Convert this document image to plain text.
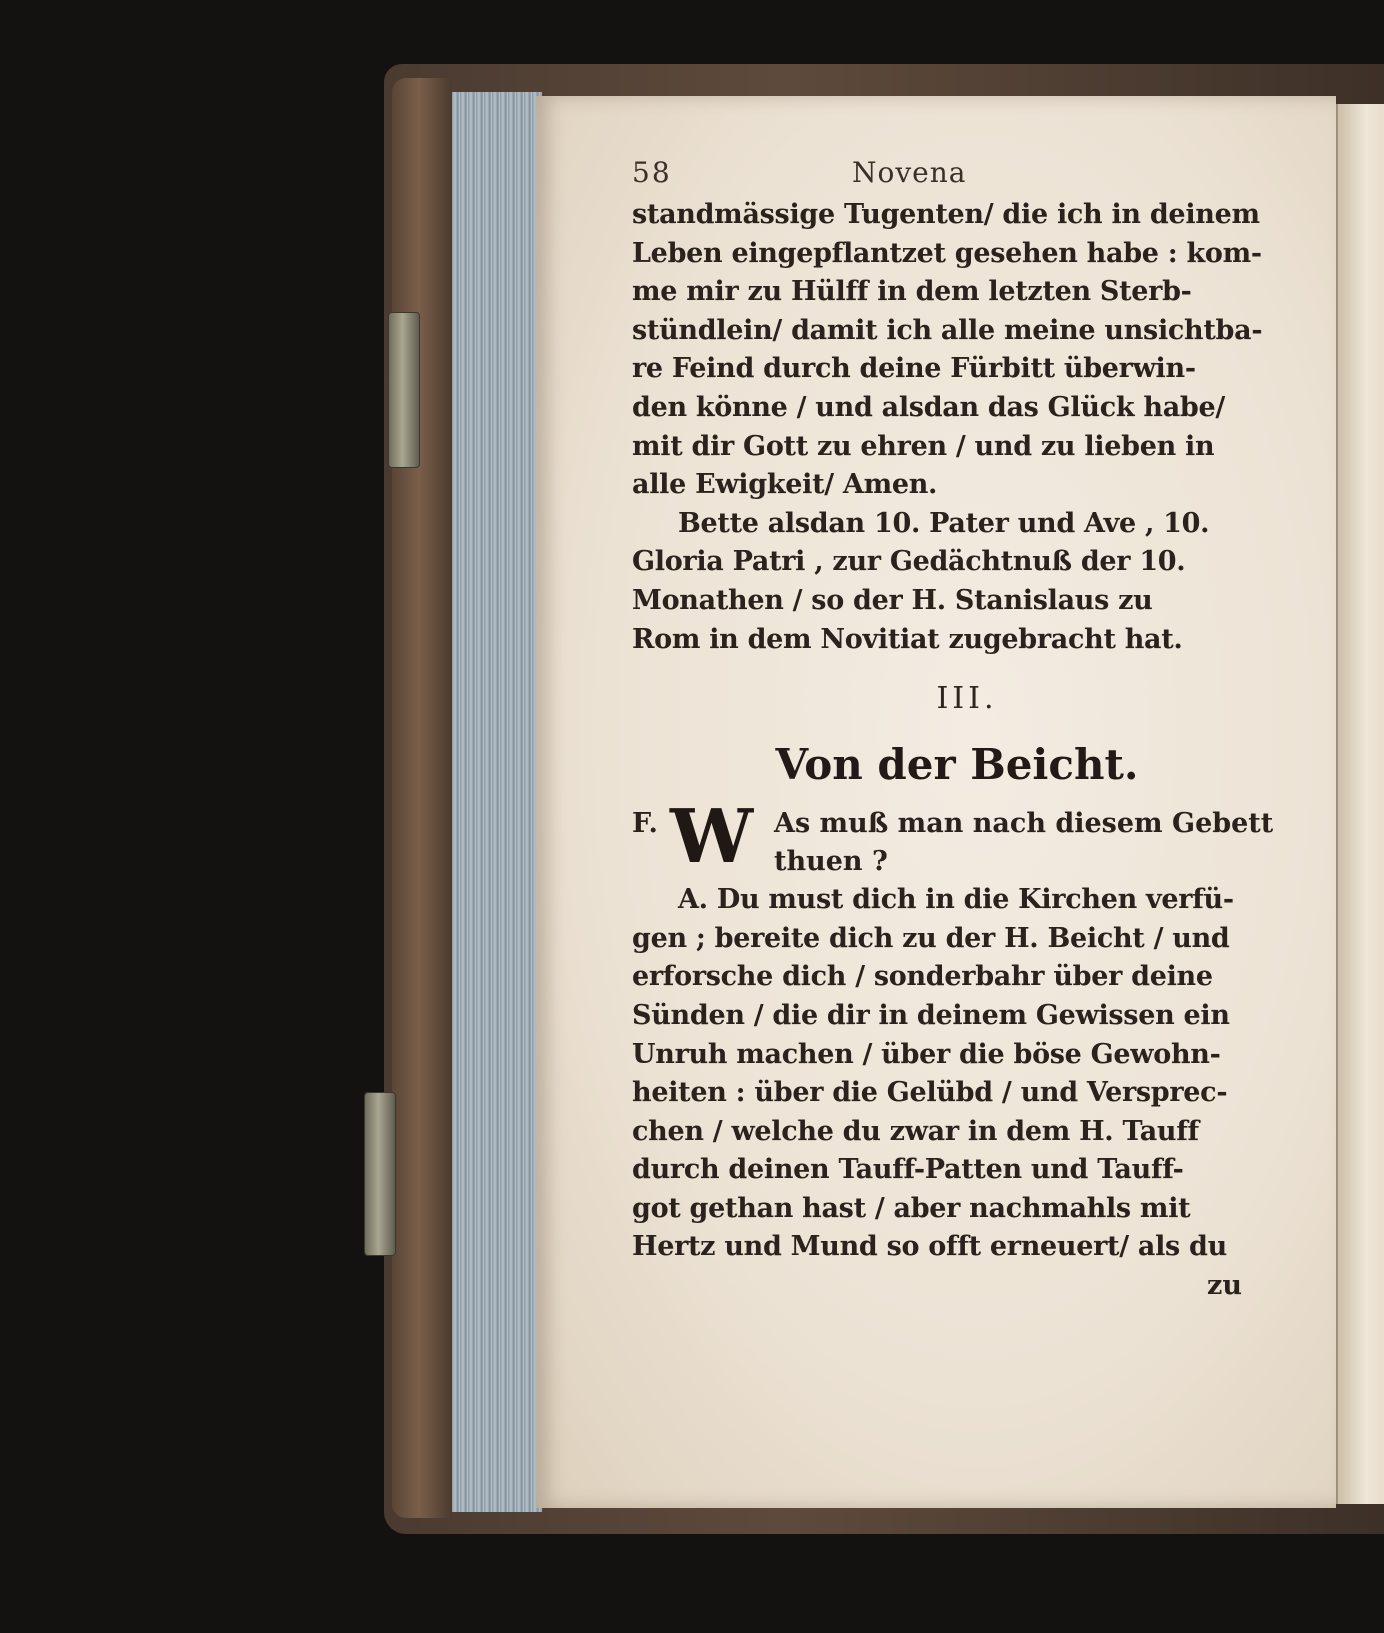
58	Novena
standmässige Tugenten/ die ich in deinem
Leben eingepflantzet gesehen habe : kom-
me mir zu Hülff in dem letzten Sterb-
stündlein/ damit ich alle meine unsichtba-
re Feind durch deine Fürbitt überwin-
den könne / und alsdan das Glück habe/
mit dir Gott zu ehren / und zu lieben in
alle Ewigkeit/ Amen.
Bette alsdan 10. Pater und Ave , 10.
Gloria Patri , zur Gedächtnuß der 10.
Monathen / so der H. Stanislaus zu
Rom in dem Novitiat zugebracht hat.
III.
Von der Beicht.
F. W As muß man nach diesem Gebett
thuen ?
A. Du must dich in die Kirchen verfü-
gen ; bereite dich zu der H. Beicht / und
erforsche dich / sonderbahr über deine
Sünden / die dir in deinem Gewissen ein
Unruh machen / über die böse Gewohn-
heiten : über die Gelübd / und Versprec-
chen / welche du zwar in dem H. Tauff
durch deinen Tauff-Patten und Tauff-
got gethan hast / aber nachmahls mit
Hertz und Mund so offt erneuert/ als du
zu
